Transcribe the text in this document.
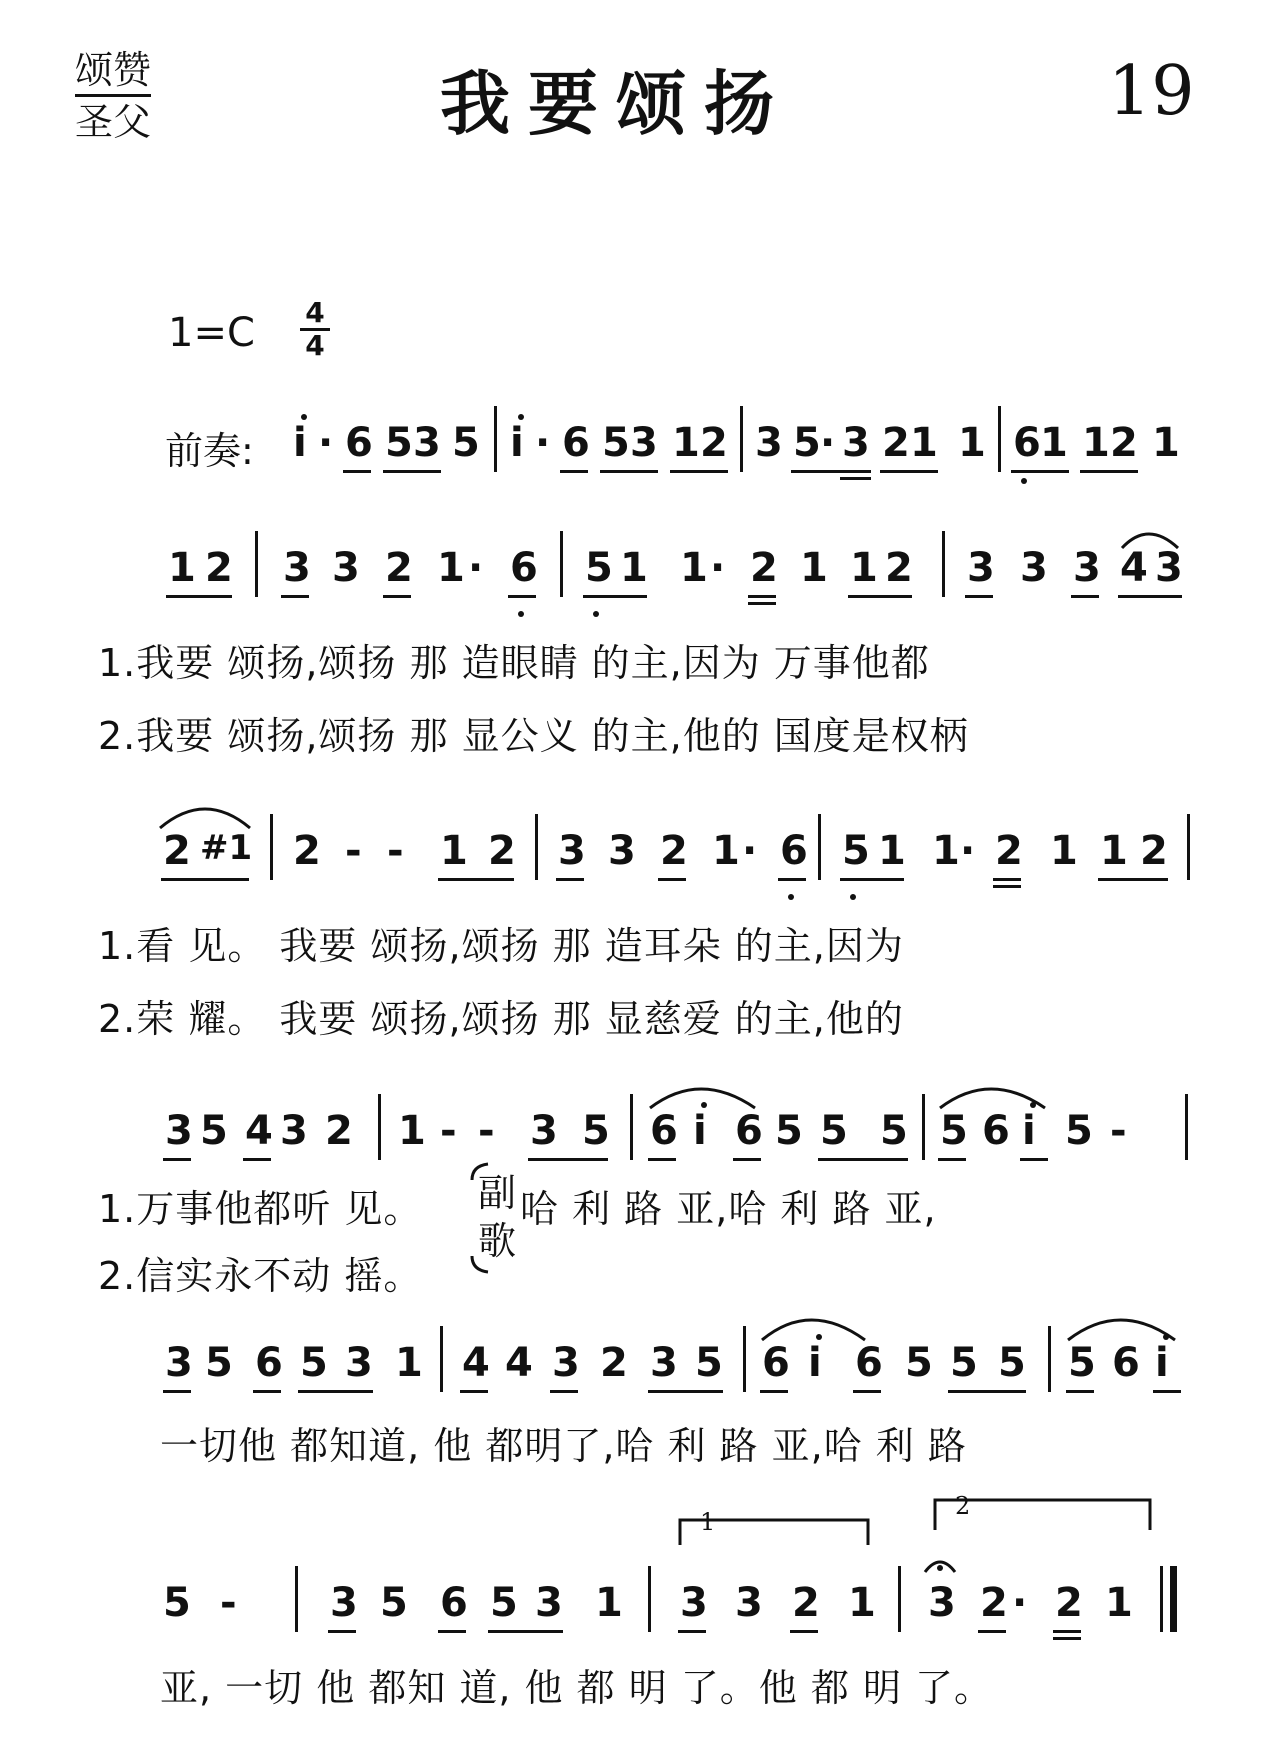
颂赞
圣父	我要颂扬	19
1=C 4
4
前奏: i · 6 5 3 5 i · 6 5 3 1 2 3 5 · 3 2 1 1 6 1 1 2 1
1 2 3 3 2 1 · 6 5 1 1 · 2 1 1 2 3 3 3 4 3
1.我要 颂扬,颂扬 那 造眼睛 的主,因为 万事他都
2.我要 颂扬,颂扬 那 显公义 的主,他的 国度是权柄
2 #1 2 - - 1 2 3 3 2 1 · 6 5 1 1 · 2 1 1 2
1.看 见。 我要 颂扬,颂扬 那 造耳朵 的主,因为
2.荣 耀。 我要 颂扬,颂扬 那 显慈爱 的主,他的
3 5 4 3 2 1 - - 3 5 6 i 6 5 5 5 5 6 i 5 -
1.万事他都听 见。
2.信实永不动 摇。
副
歌
哈 利 路 亚,哈 利 路 亚,
3 5 6 5 3 1 4 4 3 2 3 5 6 i 6 5 5 5 5 6 i
一切他 都知道, 他 都明了,哈 利 路 亚,哈 利 路
5 - 3 5 6 5 3 1 3 3 2 1 3 2 · 2 1
1
2
亚, 一切 他 都知 道, 他 都 明 了。他 都 明 了。
